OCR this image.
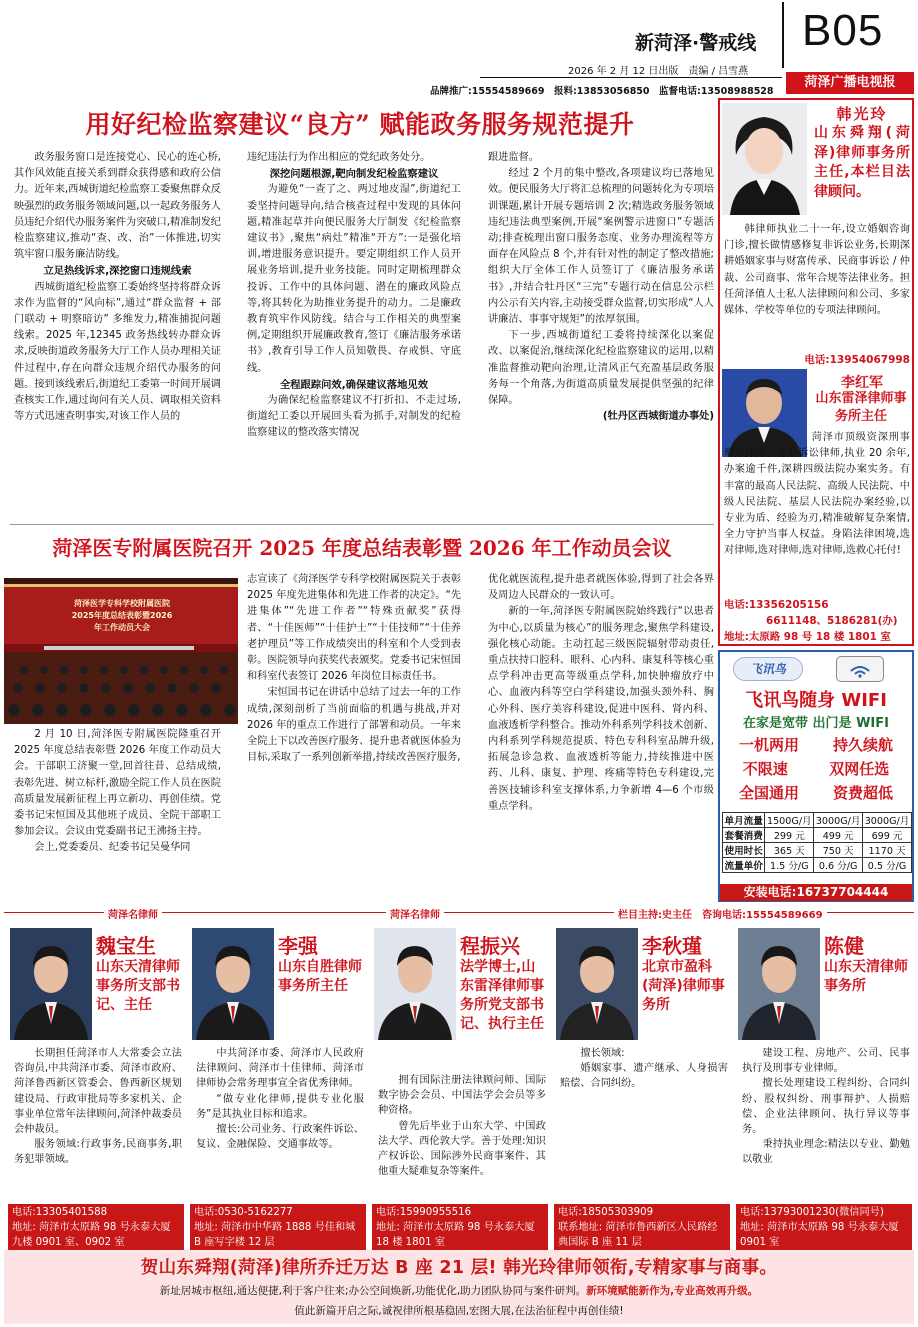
新菏泽·警戒线 B05
2026 年 2 月 12 日出版　责编 / 吕雪燕
品牌推广:15554589669　报料:13853056850　监督电话:13508988528
菏泽广播电视报
用好纪检监察建议“良方” 赋能政务服务规范提升

政务服务窗口是连接党心、民心的连心桥,其作风效能直接关系到群众获得感和政府公信力。近年来,西城街道纪检监察工委聚焦群众反映强烈的政务服务领域问题,以一起政务服务人员违纪介绍代办服务案件为突破口,精准制发纪检监察建议,推动“查、改、治”一体推进,切实筑牢窗口服务廉洁防线。

立足热线诉求,深挖窗口违规线索

西城街道纪检监察工委始终坚持将群众诉求作为监督的“风向标”,通过“群众监督 + 部门联动 + 明察暗访” 多维发力,精准捕捉问题线索。2025 年,12345 政务热线转办群众诉求,反映街道政务服务大厅工作人员办理相关证件过程中,存在向群众违规介绍代办服务的问题。接到该线索后,街道纪工委第一时间开展调查核实工作,通过询问有关人员、调取相关资料等方式迅速查明事实,对该工作人员的

违纪违法行为作出相应的党纪政务处分。

深挖问题根源,靶向制发纪检监察建议

为避免“一查了之、两过地皮湿”,街道纪工委坚持问题导向,结合核查过程中发现的具体问题,精准起草并向便民服务大厅制发《纪检监察建议书》,聚焦“病灶”精准“开方”:一是强化培训,增进服务意识提升。要定期组织工作人员开展业务培训,提升业务技能。同时定期梳理群众投诉、工作中的具体问题、潜在的廉政风险点等,将其转化为助推业务提升的动力。二是廉政教育筑牢作风防线。结合与工作相关的典型案例,定期组织开展廉政教育,签订《廉洁服务承诺书》,教育引导工作人员知敬畏、存戒惧、守底线。

全程跟踪问效,确保建议落地见效

为确保纪检监察建议不打折扣、不走过场,街道纪工委以开展回头看为抓手,对制发的纪检监察建议的整改落实情况

跟进监督。

经过 2 个月的集中整改,各项建议均已落地见效。便民服务大厅将汇总梳理的问题转化为专项培训课题,累计开展专题培训 2 次;精选政务服务领域违纪违法典型案例,开展“案例警示进窗口”专题活动;排查梳理出窗口服务态度、业务办理流程等方面存在风险点 8 个,并有针对性的制定了整改措施;组织大厅全体工作人员签订了《廉洁服务承诺书》,并结合牡丹区“三完”专题行动在信息公示栏内公示有关内容,主动接受群众监督,切实形成“人人讲廉洁、事事守规矩”的浓厚氛围。

下一步,西城街道纪工委将持续深化以案促改、以案促治,继续深化纪检监察建议的运用,以精准监督推动靶向治理,让清风正气充盈基层政务服务每一个角落,为街道高质量发展提供坚强的纪律保障。

(牡丹区西城街道办事处)

菏泽医专附属医院召开 2025 年度总结表彰暨 2026 年工作动员会议
菏泽医学专科学校附属医院 2025年度总结表彰暨2026年工作动员大会

2 月 10 日,菏泽医专附属医院隆重召开 2025 年度总结表彰暨 2026 年度工作动员大会。干部职工济聚一堂,回首往昔、总结成绩,表彰先进、树立标杆,激励全院工作人员在医院高质量发展新征程上再立新功、再创佳绩。党委书记宋恒国及其他班子成员、全院干部职工参加会议。会议由党委副书记王沸扬主持。

会上,党委委员、纪委书记吴曼华同

志宣读了《菏泽医学专科学校附属医院关于表彰 2025 年度先进集体和先进工作者的决定》。“先进集体”“先进工作者”“特殊贡献奖”获得者、“十佳医师”“十佳护士”“十佳技师”“十佳养老护理员”等工作成绩突出的科室和个人受到表彰。医院领导向获奖代表颁奖。党委书记宋恒国和科室代表签订 2026 年岗位目标责任书。

宋恒国书记在讲话中总结了过去一年的工作成绩,深刻剖析了当前面临的机遇与挑战,并对 2026 年的重点工作进行了部署和动员。一年来全院上下以改善医疗服务、提升患者就医体验为目标,采取了一系列创新举措,持续改善医疗服务,

优化就医流程,提升患者就医体验,得到了社会各界及周边人民群众的一致认可。

新的一年,菏泽医专附属医院始终践行“以患者为中心,以质量为核心”的服务理念,聚焦学科建设,强化核心动能。主动扛起三级医院辐射带动责任,重点扶持口腔科、眼科、心内科、康复科等核心重点学科冲击更高等级重点学科,加快肿瘤放疗中心、血液内科等空白学科建设,加强头颈外科、胸心外科、医疗美容科建设,促进中医科、肾内科、血液透析学科整合。推动外科系列学科技术创新、内科系列学科规范提质、特色专科科室品牌升级,拓展急诊急救、血液透析等能力,持续推进中医药、儿科、康复、护理、疼痛等特色专科建设,完善医技辅诊科室支撑体系,力争新增 4—6 个市级重点学科。

韩光玲
山东舜翔(菏泽)律师事务所主任,本栏目法律顾问。

韩律师执业二十一年,设立婚姻咨询门诊,擅长做情感修复非诉讼业务,长期深耕婚姻家事与财富传承、民商事诉讼 / 仲裁、公司商事、常年合规等法律业务。担任菏泽值人士私人法律顾问和公司、多家媒体、学校等单位的专项法律顾问。

电话:13954067998
李红军
山东雷泽律师事务所主任

菏泽市顶级资深刑事辩护律师、专业诉讼律师,执业 20 余年,办案逾千件,深耕四级法院办案实务。有丰富的最高人民法院、高级人民法院、中级人民法院、基层人民法院办案经验,以专业为盾、经验为刃,精准破解复杂案情,全力守护当事人权益。身陷法律困境,选对律师,选对律师,选对律师,选救心托付!

电话:13356205156
6611148、5186281(办)
地址:太原路 98 号 18 楼 1801 室
飞讯鸟
飞讯鸟随身 WIFI
在家是宽带 出门是 WIFI
一机两用 持久续航
不限速	双网任选
全国通用 资费超低
单月流量	1500G/月	3000G/月	3000G/月
套餐消费	299 元	499 元	699 元
使用时长	365 天	750 天	1170 天
流量单价	1.5 分/G	0.6 分/G	0.5 分/G
安装电话:16737704444
菏泽名律师	菏泽名律师	栏目主持:史主任　咨询电话:15554589669
魏宝生
山东天清律师事务所支部书记、主任

长期担任菏泽市人大常委会立法咨询员,中共菏泽市委、菏泽市政府、菏泽鲁西新区管委会、鲁西新区规划建设局、行政审批局等多家机关、企事业单位常年法律顾问,菏泽仲裁委员会仲裁员。

服务领域:行政事务,民商事务,职务犯罪领域。

电话:13305401588
地址: 菏泽市太原路 98 号永泰大厦九楼 0901 室、0902 室
李强
山东自胜律师事务所主任

中共菏泽市委、菏泽市人民政府法律顾问、菏泽市十佳律师、菏泽市律师协会常务理事宣全省优秀律师。

“做专业化律师,提供专业化服务”是其执业目标和追求。

擅长:公司业务、行政案件诉讼、复议、金融保险、交通事故等。

电话:0530-5162277
地址: 菏泽市中华路 1888 号佳和城 B 座写字楼 12 层
程振兴
法学博士,山东雷泽律师事务所党支部书记、执行主任

拥有国际注册法律顾问师、国际数字协会会员、中国法学会会员等多种资格。

曾先后毕业于山东大学、中国政法大学、西伦敦大学。善于处理:知识产权诉讼、国际涉外民商事案件、其他重大疑难复杂等案件。

电话:15990955516
地址: 菏泽市太原路 98 号永泰大厦 18 楼 1801 室
李秋瑾
北京市盈科(菏泽)律师事务所

擅长领域:

婚姻家事、遗产继承、人身损害赔偿、合同纠纷。

电话:18505303909
联系地址: 菏泽市鲁西新区人民路经典国际 B 座 11 层
陈健
山东天清律师事务所

建设工程、房地产、公司、民事执行及刑事专业律师。

擅长处理建设工程纠纷、合同纠纷、股权纠纷、刑事辩护、人损赔偿、企业法律顾问、执行异议等事务。

秉持执业理念:精法以专业、勤勉以敬业

电话:13793001230(微信同号)
地址: 菏泽市太原路 98 号永泰大厦 0901 室
贺山东舜翔(菏泽)律所乔迁万达 B 座 21 层! 韩光玲律师领衔,专精家事与商事。
新址居城市枢纽,通达便捷,利于客户往来;办公空间焕新,功能优化,助力团队协同与案件研判。新环境赋能新作为,专业高效再升级。
值此新篇开启之际,诚祝律所根基稳固,宏图大展,在法治征程中再创佳绩!
